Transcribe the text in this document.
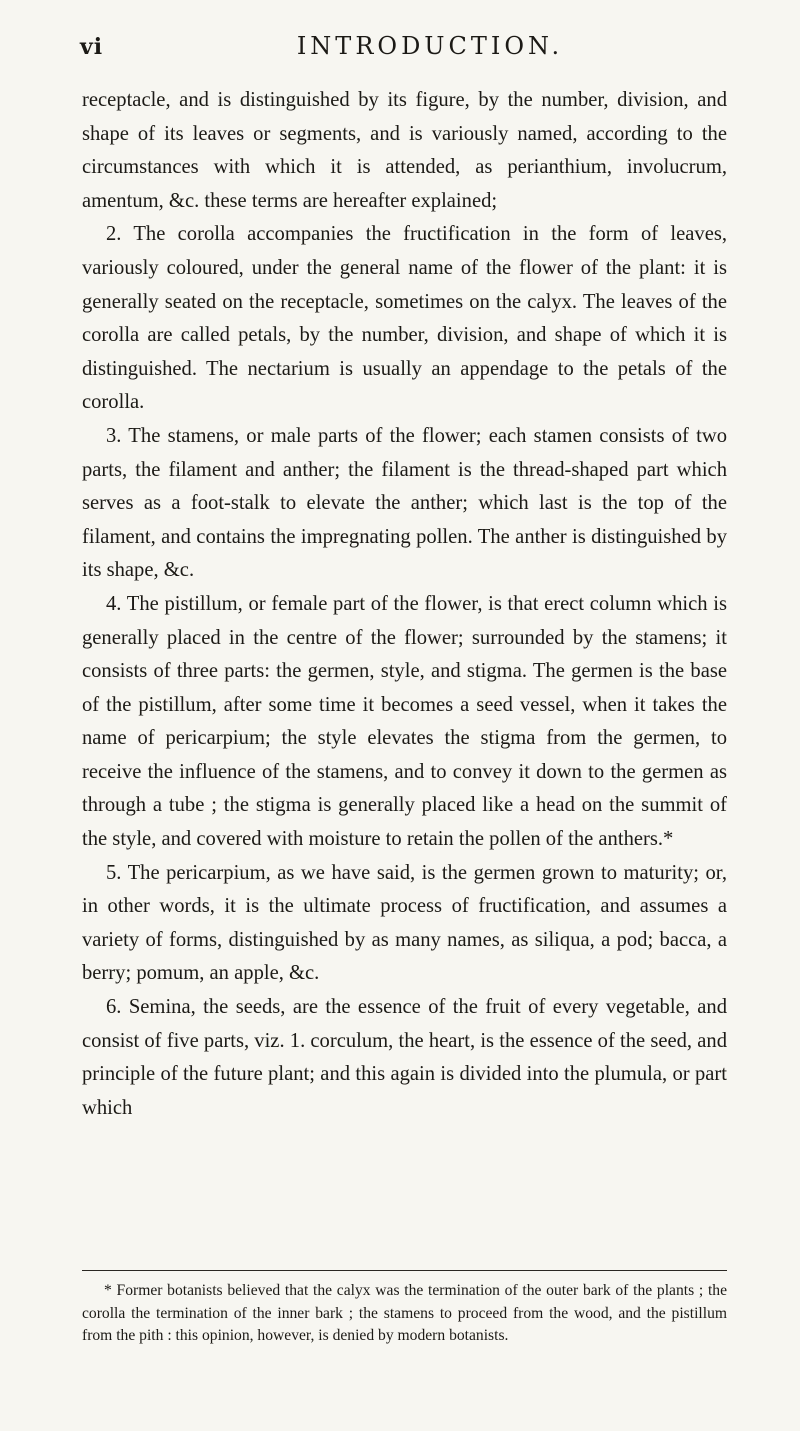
vi	INTRODUCTION.

receptacle, and is distinguished by its figure, by the number, division, and shape of its leaves or segments, and is variously named, according to the circumstances with which it is attended, as perianthium, involucrum, amentum, &c. these terms are hereafter explained;

2. The corolla accompanies the fructification in the form of leaves, variously coloured, under the general name of the flower of the plant: it is generally seated on the receptacle, sometimes on the calyx. The leaves of the corolla are called petals, by the number, division, and shape of which it is distinguished. The nectarium is usually an appendage to the petals of the corolla.

3. The stamens, or male parts of the flower; each stamen consists of two parts, the filament and anther; the filament is the thread-shaped part which serves as a foot-stalk to elevate the anther; which last is the top of the filament, and contains the impregnating pollen. The anther is distinguished by its shape, &c.

4. The pistillum, or female part of the flower, is that erect column which is generally placed in the centre of the flower; surrounded by the stamens; it consists of three parts: the germen, style, and stigma. The germen is the base of the pistillum, after some time it becomes a seed vessel, when it takes the name of pericarpium; the style elevates the stigma from the germen, to receive the influence of the stamens, and to convey it down to the germen as through a tube ; the stigma is generally placed like a head on the summit of the style, and covered with moisture to retain the pollen of the anthers.*

5. The pericarpium, as we have said, is the germen grown to maturity; or, in other words, it is the ultimate process of fructification, and assumes a variety of forms, distinguished by as many names, as siliqua, a pod; bacca, a berry; pomum, an apple, &c.

6. Semina, the seeds, are the essence of the fruit of every vegetable, and consist of five parts, viz. 1. corculum, the heart, is the essence of the seed, and principle of the future plant; and this again is divided into the plumula, or part which

* Former botanists believed that the calyx was the termination of the outer bark of the plants ; the corolla the termination of the inner bark ; the stamens to proceed from the wood, and the pistillum from the pith : this opinion, however, is denied by modern botanists.
